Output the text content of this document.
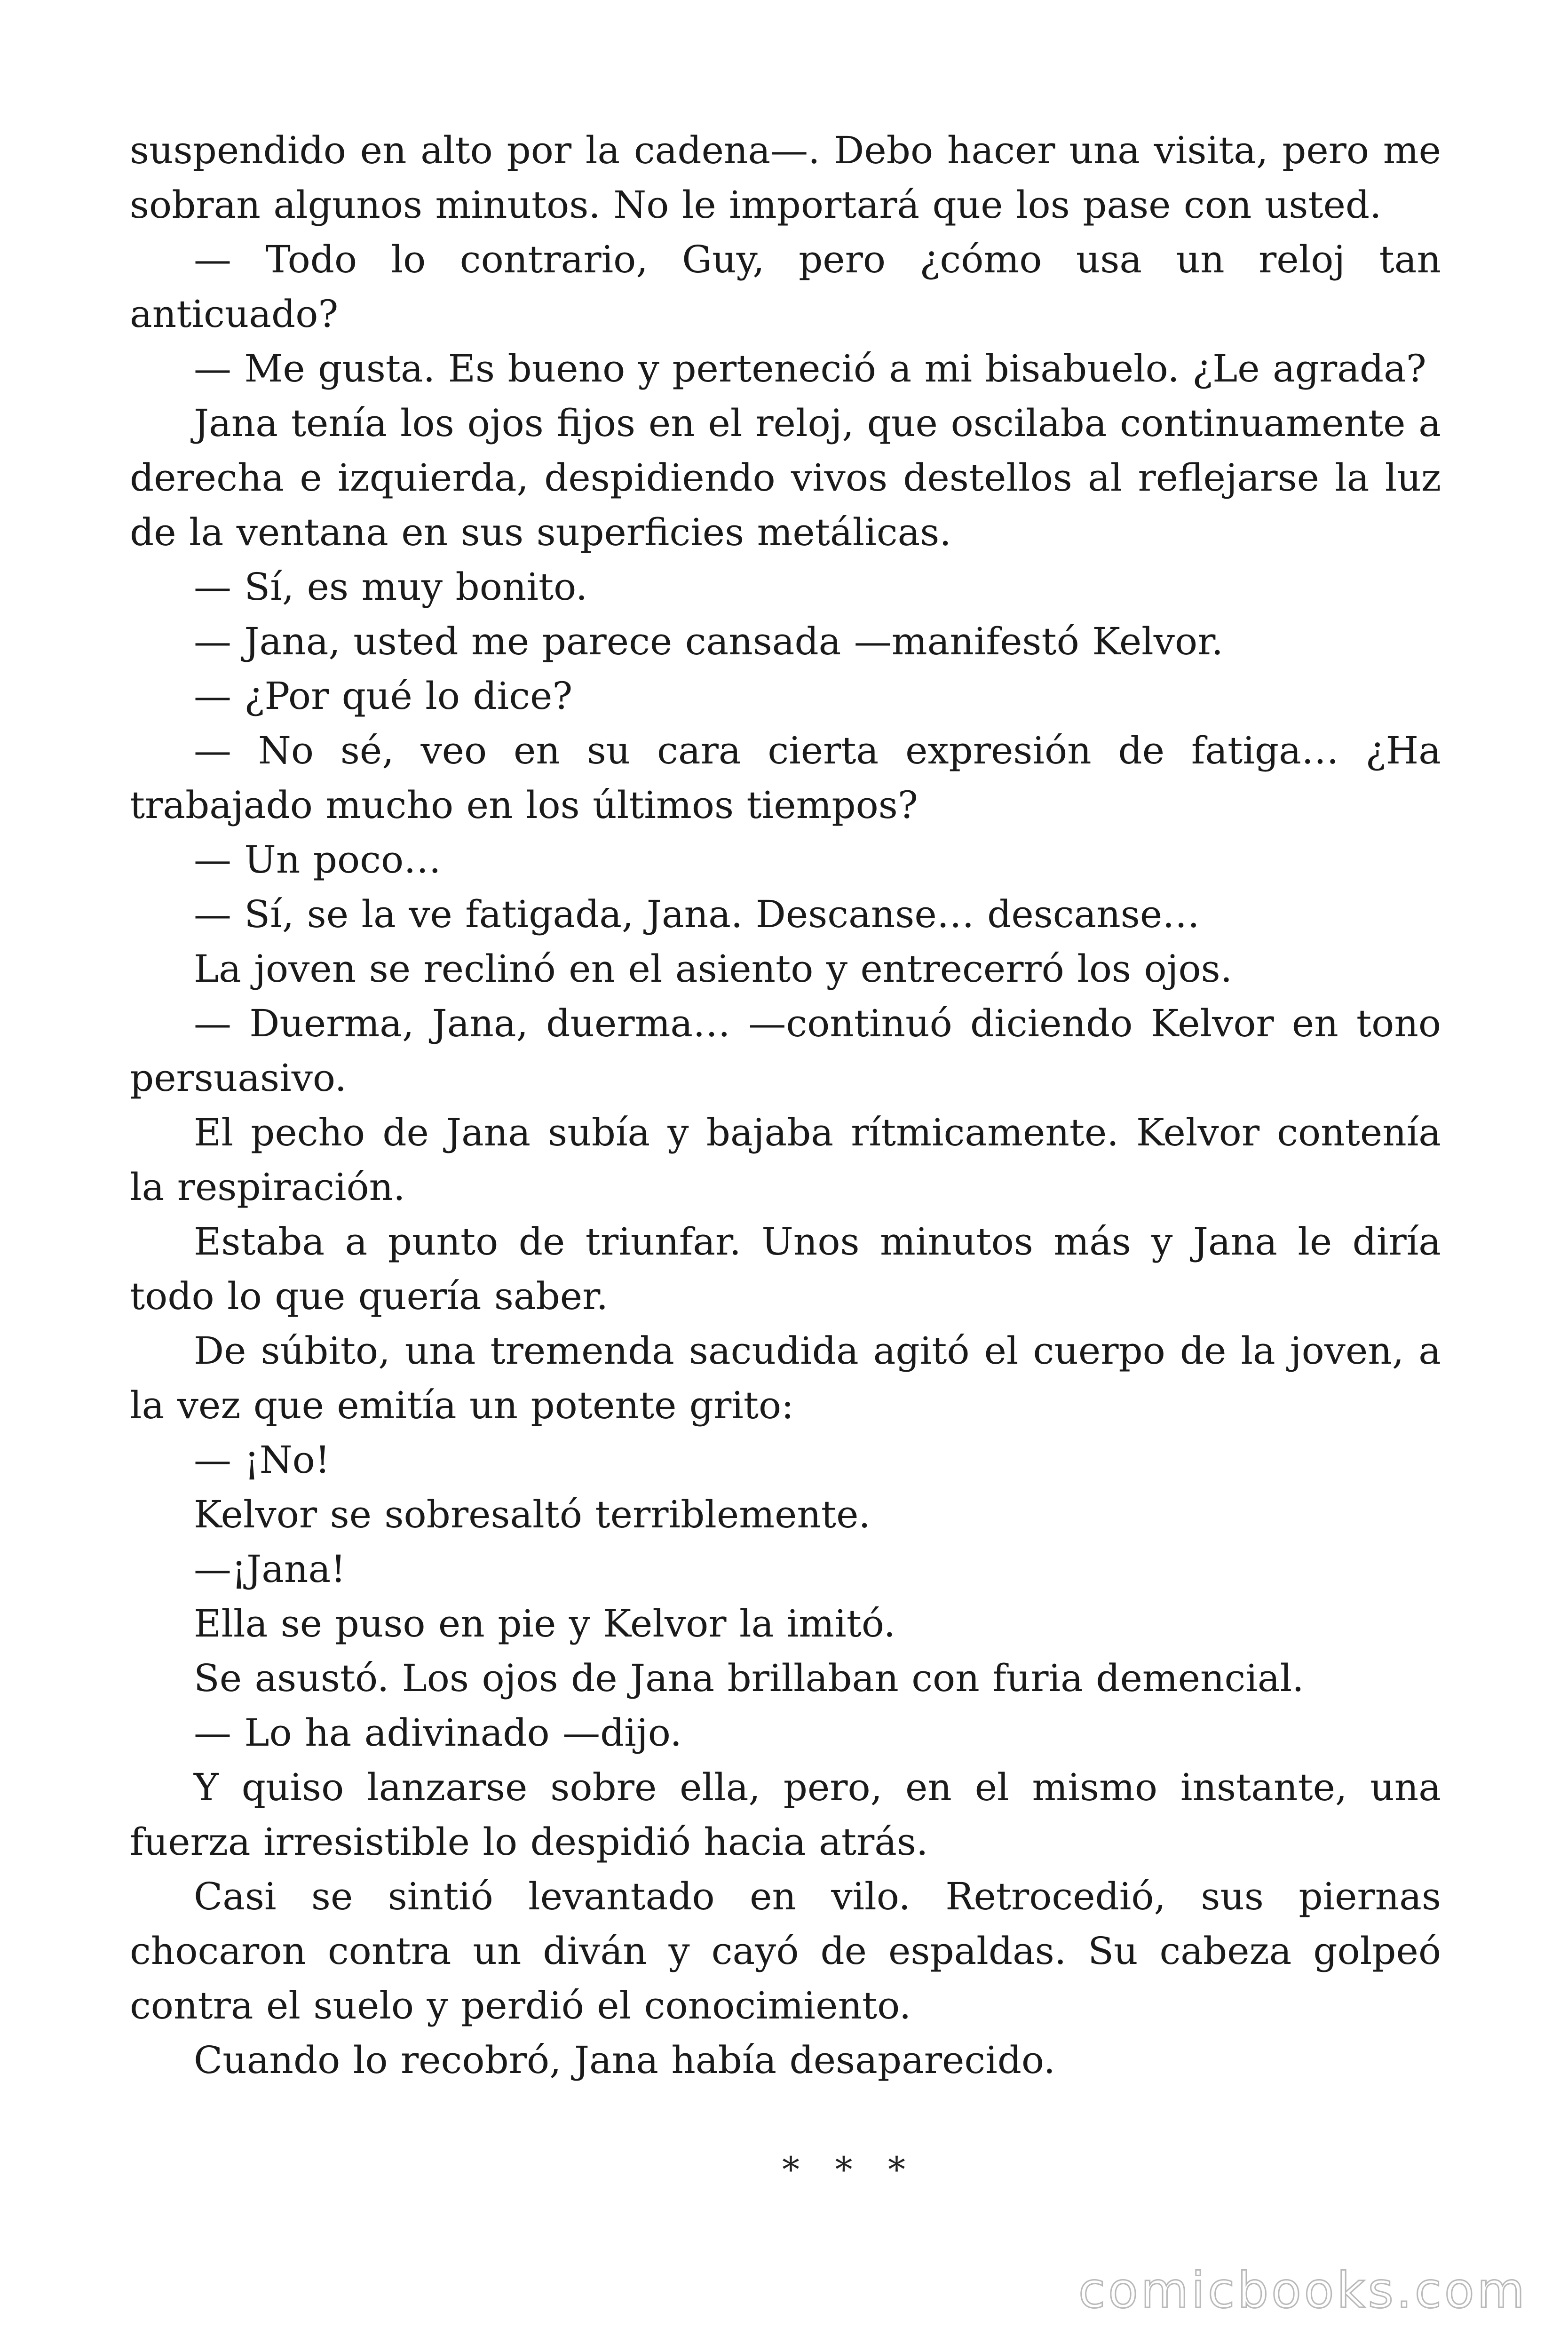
suspendido en alto por la cadena—. Debo hacer una visita, pero me sobran algunos minutos. No le importará que los pase con usted.

— Todo lo contrario, Guy, pero ¿cómo usa un reloj tan anticuado?

— Me gusta. Es bueno y perteneció a mi bisabuelo. ¿Le agrada?

Jana tenía los ojos fijos en el reloj, que oscilaba continuamente a derecha e izquierda, despidiendo vivos destellos al reflejarse la luz de la ventana en sus superficies metálicas.

— Sí, es muy bonito.

— Jana, usted me parece cansada —manifestó Kelvor.

— ¿Por qué lo dice?

— No sé, veo en su cara cierta expresión de fatiga… ¿Ha trabajado mucho en los últimos tiempos?

— Un poco…

— Sí, se la ve fatigada, Jana. Descanse… descanse…

La joven se reclinó en el asiento y entrecerró los ojos.

— Duerma, Jana, duerma… —continuó diciendo Kelvor en tono persuasivo.

El pecho de Jana subía y bajaba rítmicamente. Kelvor contenía la respiración.

Estaba a punto de triunfar. Unos minutos más y Jana le diría todo lo que quería saber.

De súbito, una tremenda sacudida agitó el cuerpo de la joven, a la vez que emitía un potente grito:

— ¡No!

Kelvor se sobresaltó terriblemente.

—¡Jana!

Ella se puso en pie y Kelvor la imitó.

Se asustó. Los ojos de Jana brillaban con furia demencial.

— Lo ha adivinado —dijo.

Y quiso lanzarse sobre ella, pero, en el mismo instante, una fuerza irresistible lo despidió hacia atrás.

Casi se sintió levantado en vilo. Retrocedió, sus piernas chocaron contra un diván y cayó de espaldas. Su cabeza golpeó contra el suelo y perdió el conocimiento.

Cuando lo recobró, Jana había desaparecido.

* * *
comicbooks.com
